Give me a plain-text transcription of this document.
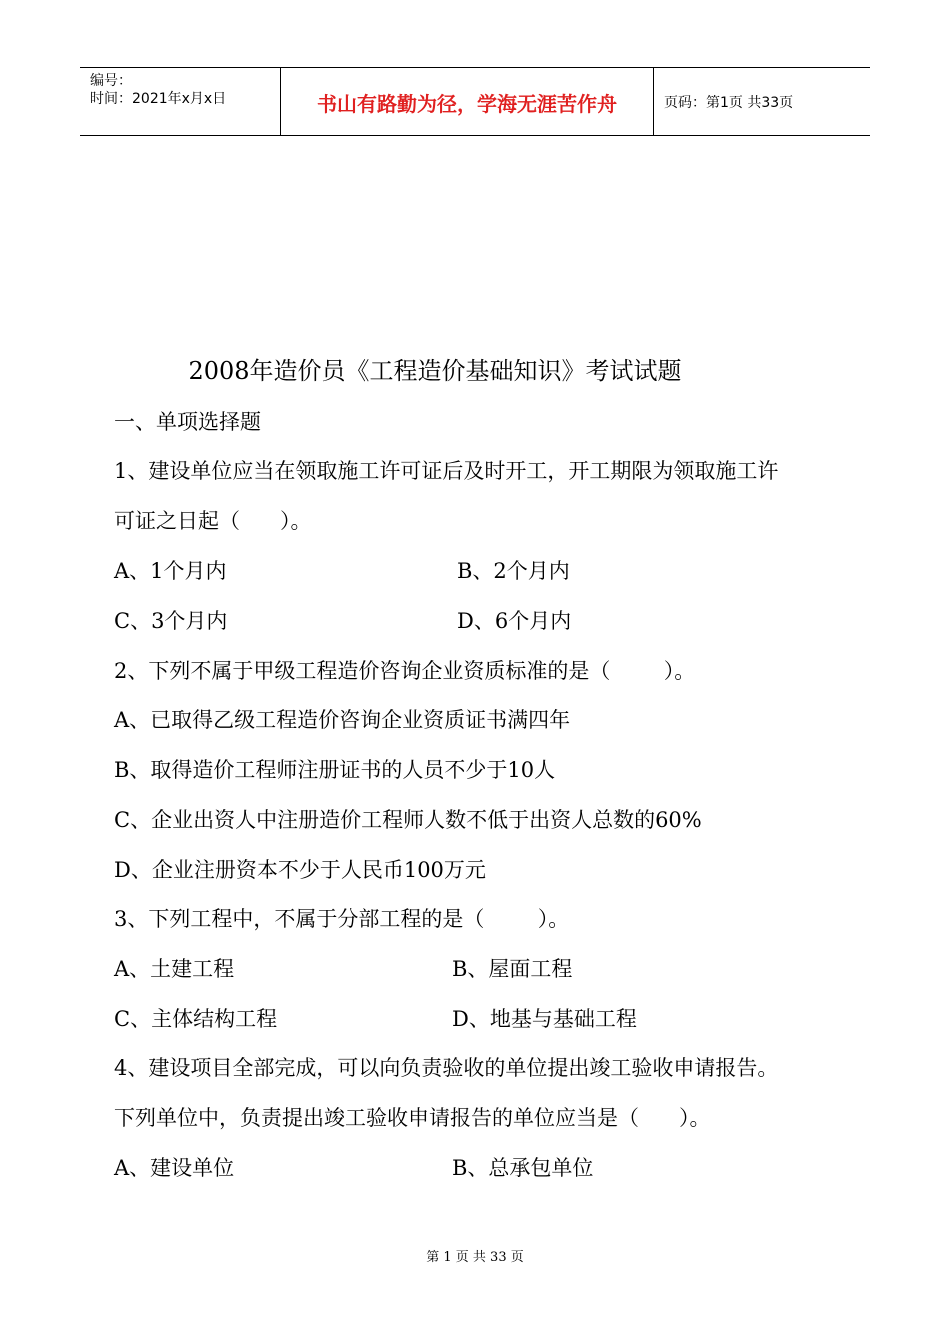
编号：
时间：2021年x月x日	书山有路勤为径，学海无涯苦作舟	页码：第1页 共33页
2008年造价员《工程造价基础知识》考试试题
一、单项选择题
1、建设单位应当在领取施工许可证后及时开工，开工期限为领取施工许
可证之日起（      ）。
A、1个月内	B、2个月内
C、3个月内	D、6个月内
2、下列不属于甲级工程造价咨询企业资质标准的是（        ）。
A、已取得乙级工程造价咨询企业资质证书满四年
B、取得造价工程师注册证书的人员不少于10人
C、企业出资人中注册造价工程师人数不低于出资人总数的60%
D、企业注册资本不少于人民币100万元
3、下列工程中，不属于分部工程的是（        ）。
A、土建工程	B、屋面工程
C、主体结构工程	D、地基与基础工程
4、建设项目全部完成，可以向负责验收的单位提出竣工验收申请报告。
下列单位中，负责提出竣工验收申请报告的单位应当是（      ）。
A、建设单位	B、总承包单位
第 1 页 共 33 页
